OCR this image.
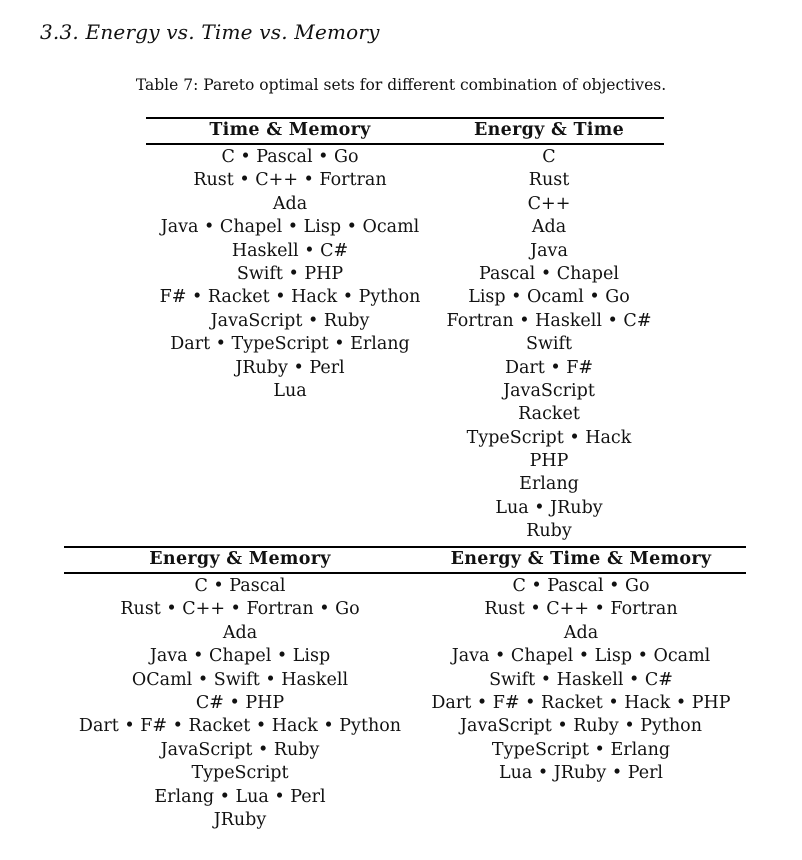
3.3. Energy vs. Time vs. Memory
Table 7: Pareto optimal sets for different combination of objectives.
Time & Memory	Energy & Time
C • Pascal • Go
Rust • C++ • Fortran
Ada
Java • Chapel • Lisp • Ocaml
Haskell • C#
Swift • PHP
F# • Racket • Hack • Python
JavaScript • Ruby
Dart • TypeScript • Erlang
JRuby • Perl
Lua
C
Rust
C++
Ada
Java
Pascal • Chapel
Lisp • Ocaml • Go
Fortran • Haskell • C#
Swift
Dart • F#
JavaScript
Racket
TypeScript • Hack
PHP
Erlang
Lua • JRuby
Ruby
Energy & Memory	Energy & Time & Memory
C • Pascal
Rust • C++ • Fortran • Go
Ada
Java • Chapel • Lisp
OCaml • Swift • Haskell
C# • PHP
Dart • F# • Racket • Hack • Python
JavaScript • Ruby
TypeScript
Erlang • Lua • Perl
JRuby
C • Pascal • Go
Rust • C++ • Fortran
Ada
Java • Chapel • Lisp • Ocaml
Swift • Haskell • C#
Dart • F# • Racket • Hack • PHP
JavaScript • Ruby • Python
TypeScript • Erlang
Lua • JRuby • Perl
